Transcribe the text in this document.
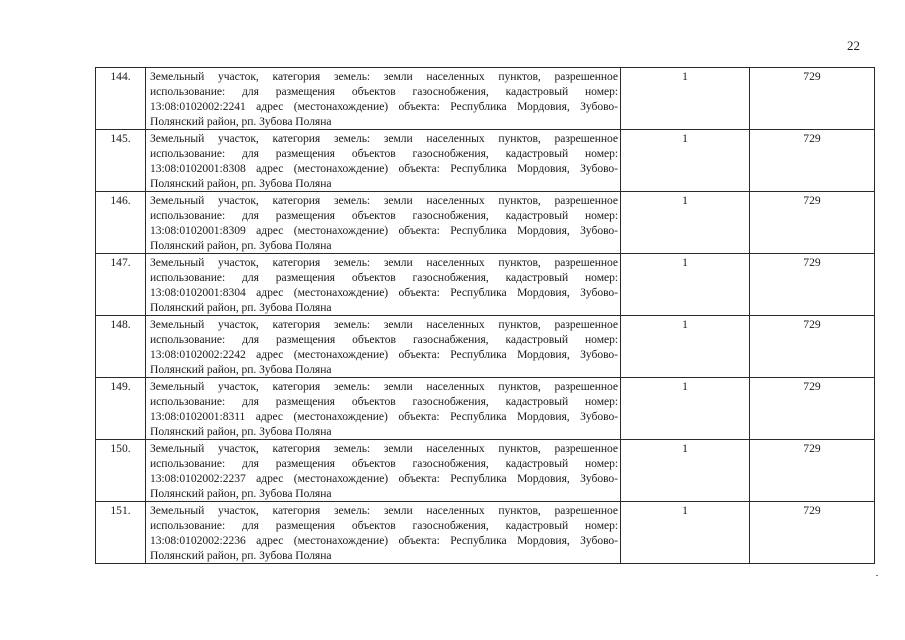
22
144.	Земельный участок, категория земель: земли населенных пунктов, разрешенное использование: для размещения объектов газоснобжения, кадастровый номер: 13:08:0102002:2241 адрес (местонахождение) объекта: Республика Мордовия, Зубово-Полянский район, рп. Зубова Поляна	1	729
145.	Земельный участок, категория земель: земли населенных пунктов, разрешенное использование: для размещения объектов газоснобжения, кадастровый номер: 13:08:0102001:8308 адрес (местонахождение) объекта: Республика Мордовия, Зубово-Полянский район, рп. Зубова Поляна	1	729
146.	Земельный участок, категория земель: земли населенных пунктов, разрешенное использование: для размещения объектов газоснобжения, кадастровый номер: 13:08:0102001:8309 адрес (местонахождение) объекта: Республика Мордовия, Зубово-Полянский район, рп. Зубова Поляна	1	729
147.	Земельный участок, категория земель: земли населенных пунктов, разрешенное использование: для размещения объектов газоснобжения, кадастровый номер: 13:08:0102001:8304 адрес (местонахождение) объекта: Республика Мордовия, Зубово-Полянский район, рп. Зубова Поляна	1	729
148.	Земельный участок, категория земель: земли населенных пунктов, разрешенное использование: для размещения объектов газоснабжения, кадастровый номер: 13:08:0102002:2242 адрес (местонахождение) объекта: Республика Мордовия, Зубово-Полянский район, рп. Зубова Поляна	1	729
149.	Земельный участок, категория земель: земли населенных пунктов, разрешенное использование: для размещения объектов газоснобжения, кадастровый номер: 13:08:0102001:8311 адрес (местонахождение) объекта: Республика Мордовия, Зубово-Полянский район, рп. Зубова Поляна	1	729
150.	Земельный участок, категория земель: земли населенных пунктов, разрешенное использование: для размещения объектов газоснобжения, кадастровый номер: 13:08:0102002:2237 адрес (местонахождение) объекта: Республика Мордовия, Зубово-Полянский район, рп. Зубова Поляна	1	729
151.	Земельный участок, категория земель: земли населенных пунктов, разрешенное использование: для размещения объектов газоснобжения, кадастровый номер: 13:08:0102002:2236 адрес (местонахождение) объекта: Республика Мордовия, Зубово-Полянский район, рп. Зубова Поляна	1	729
